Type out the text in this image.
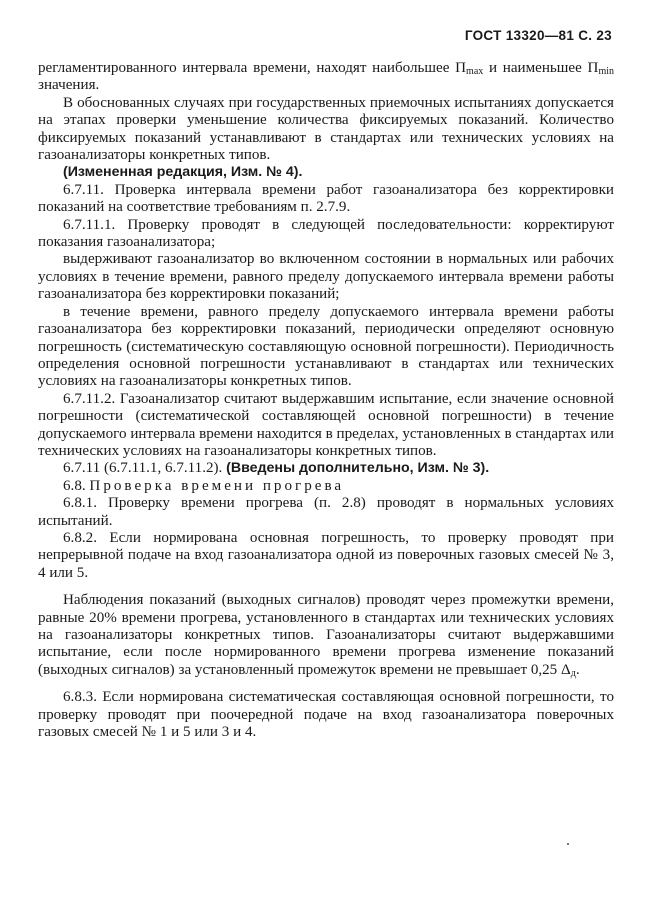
ГОСТ 13320—81 С. 23

регламентированного интервала времени, находят наибольшее $\Pi_{max}$ и наименьшее $\Pi_{min}$ значения.

В обоснованных случаях при государственных приемочных испытаниях допускается на этапах проверки уменьшение количества фиксируемых показаний. Количество фиксируемых показаний устанавливают в стандартах или технических условиях на газоанализаторы конкретных типов.

(Измененная редакция, Изм. № 4).

6.7.11. Проверка интервала времени работ газоанализатора без корректировки показаний на соответствие требованиям п. 2.7.9.

6.7.11.1. Проверку проводят в следующей последовательности: корректируют показания газоанализатора;

выдерживают газоанализатор во включенном состоянии в нормальных или рабочих условиях в течение времени, равного пределу допускаемого интервала времени работы газоанализатора без корректировки показаний;

в течение времени, равного пределу допускаемого интервала времени работы газоанализатора без корректировки показаний, периодически определяют основную погрешность (систематическую составляющую основной погрешности). Периодичность определения основной погрешности устанавливают в стандартах или технических условиях на газоанализаторы конкретных типов.

6.7.11.2. Газоанализатор считают выдержавшим испытание, если значение основной погрешности (систематической составляющей основной погрешности) в течение допускаемого интервала времени находится в пределах, установленных в стандартах или технических условиях на газоанализаторы конкретных типов.

6.7.11 (6.7.11.1, 6.7.11.2). (Введены дополнительно, Изм. № 3).

6.8. Проверка времени прогрева

6.8.1. Проверку времени прогрева (п. 2.8) проводят в нормальных условиях испытаний.

6.8.2. Если нормирована основная погрешность, то проверку проводят при непрерывной подаче на вход газоанализатора одной из поверочных газовых смесей № 3, 4 или 5.

Наблюдения показаний (выходных сигналов) проводят через промежутки времени, равные 20% времени прогрева, установленного в стандартах или технических условиях на газоанализаторы конкретных типов. Газоанализаторы считают выдержавшими испытание, если после нормированного времени прогрева изменение показаний (выходных сигналов) за установленный промежуток времени не превышает 0,25 $\Delta_д$.

6.8.3. Если нормирована систематическая составляющая основной погрешности, то проверку проводят при поочередной подаче на вход газоанализатора поверочных газовых смесей № 1 и 5 или 3 и 4.
